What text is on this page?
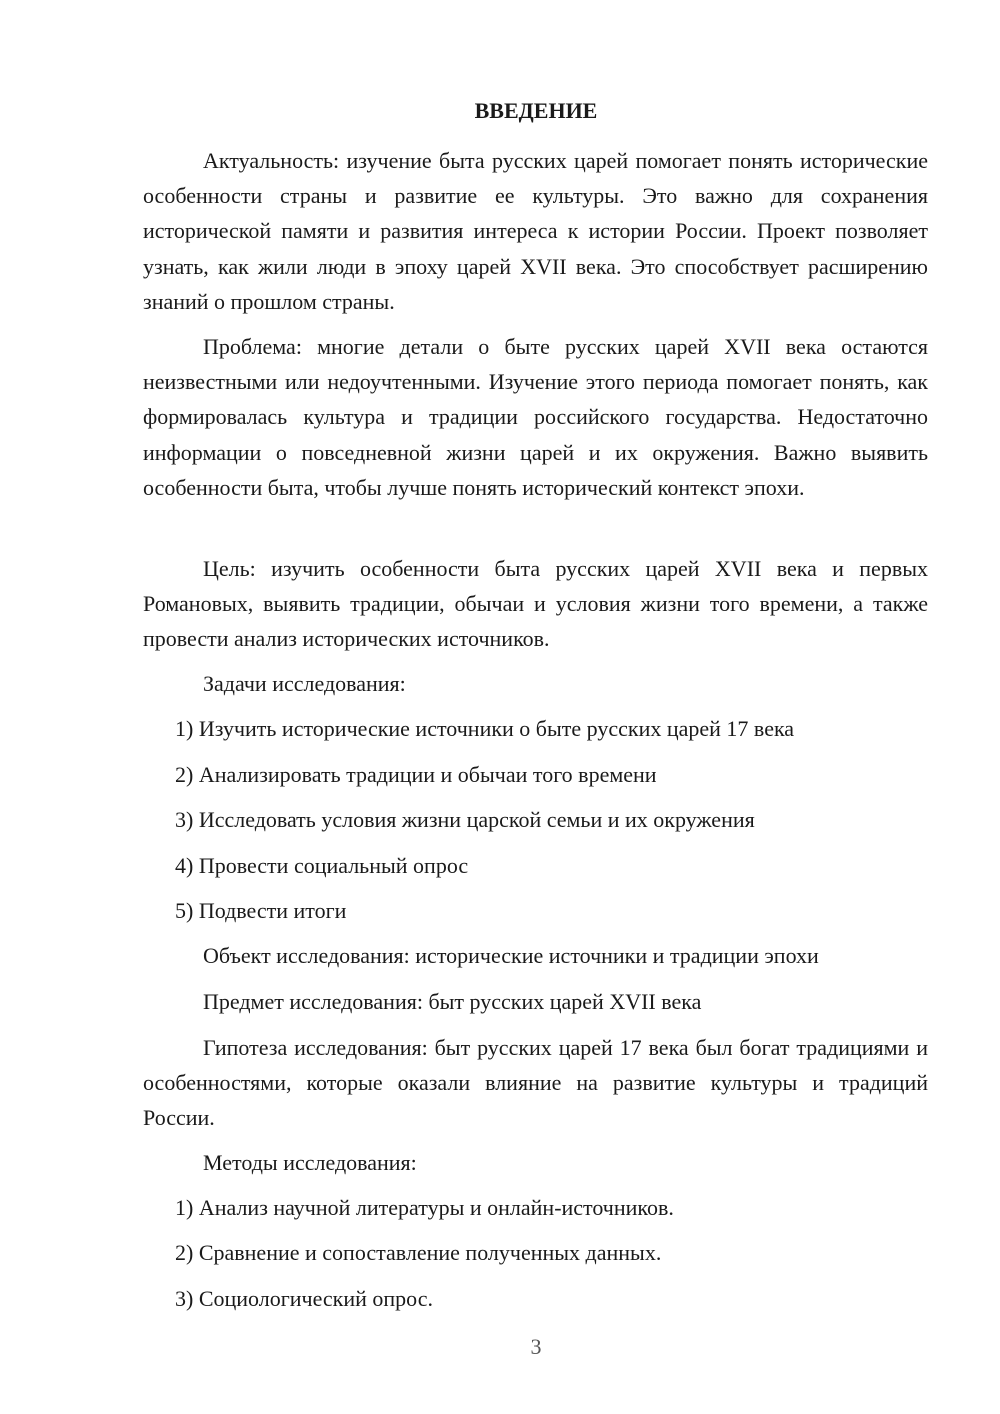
ВВЕДЕНИЕ

Актуальность: изучение быта русских царей помогает понять исторические особенности страны и развитие ее культуры. Это важно для сохранения исторической памяти и развития интереса к истории России. Проект позволяет узнать, как жили люди в эпоху царей XVII века. Это способствует расширению знаний о прошлом страны.

Проблема: многие детали о быте русских царей XVII века остаются неизвестными или недоучтенными. Изучение этого периода помогает понять, как формировалась культура и традиции российского государства. Недостаточно информации о повседневной жизни царей и их окружения. Важно выявить особенности быта, чтобы лучше понять исторический контекст эпохи.

Цель: изучить особенности быта русских царей XVII века и первых Романовых, выявить традиции, обычаи и условия жизни того времени, а также провести анализ исторических источников.

Задачи исследования:
1) Изучить исторические источники о быте русских царей 17 века
2) Анализировать традиции и обычаи того времени
3) Исследовать условия жизни царской семьи и их окружения
4) Провести социальный опрос
5) Подвести итоги
Объект исследования: исторические источники и традиции эпохи
Предмет исследования: быт русских царей XVII века

Гипотеза исследования: быт русских царей 17 века был богат традициями и особенностями, которые оказали влияние на развитие культуры и традиций России.

Методы исследования:
1) Анализ научной литературы и онлайн-источников.
2) Сравнение и сопоставление полученных данных.
3) Социологический опрос.
3
